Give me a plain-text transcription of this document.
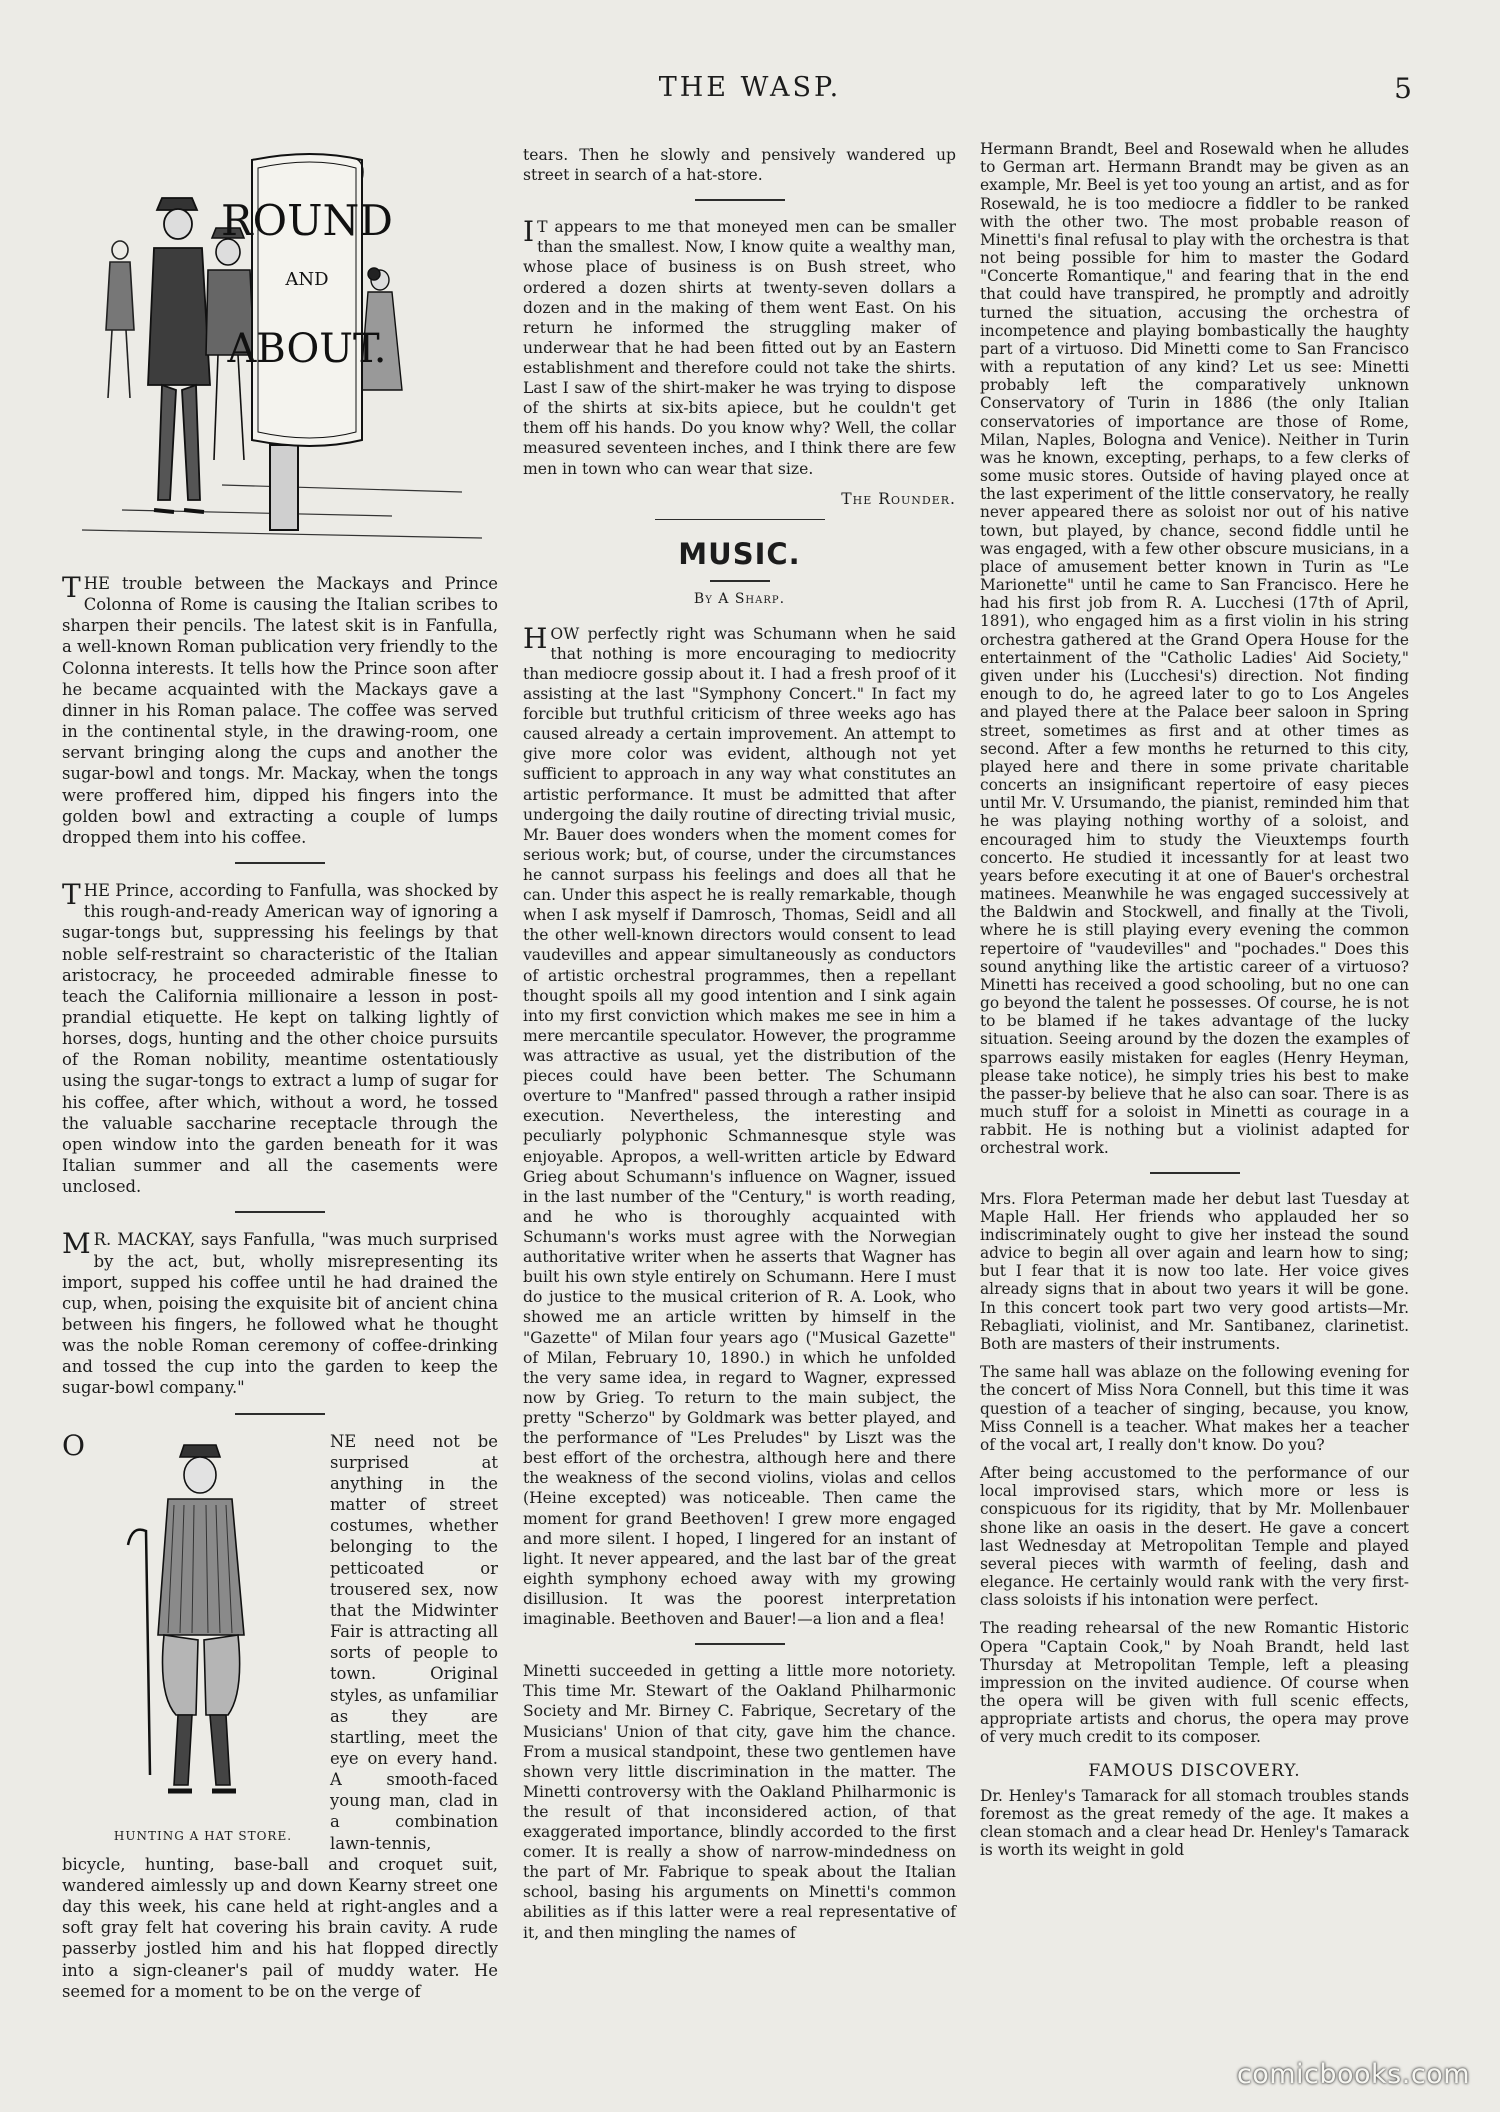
THE WASP.	5
ROUND
AND
ABOUT.

THE trouble between the Mackays and Prince Colonna of Rome is causing the Italian scribes to sharpen their pencils. The latest skit is in Fanfulla, a well-known Roman publication very friendly to the Colonna interests. It tells how the Prince soon after he became acquainted with the Mackays gave a dinner in his Roman palace. The coffee was served in the continental style, in the drawing-room, one servant bringing along the cups and another the sugar-bowl and tongs. Mr. Mackay, when the tongs were proffered him, dipped his fingers into the golden bowl and extracting a couple of lumps dropped them into his coffee.

THE Prince, according to Fanfulla, was shocked by this rough-and-ready American way of ignoring a sugar-tongs but, suppressing his feelings by that noble self-restraint so characteristic of the Italian aristocracy, he proceeded admirable finesse to teach the California millionaire a lesson in post-prandial etiquette. He kept on talking lightly of horses, dogs, hunting and the other choice pursuits of the Roman nobility, meantime ostentatiously using the sugar-tongs to extract a lump of sugar for his coffee, after which, without a word, he tossed the valuable saccharine receptacle through the open window into the garden beneath for it was Italian summer and all the casements were unclosed.

M R. MACKAY, says Fanfulla, "was much surprised by the act, but, wholly misrepresenting its import, supped his coffee until he had drained the cup, when, poising the exquisite bit of ancient china between his fingers, he followed what he thought was the noble Roman ceremony of coffee-drinking and tossed the cup into the garden to keep the sugar-bowl company."

O
HUNTING A HAT STORE.
NE need not be surprised at anything in the matter of street costumes, whether belonging to the petticoated or trousered sex, now that the Midwinter Fair is attracting all sorts of people to town. Original styles, as unfamiliar as they are startling, meet the eye on every hand. A smooth-faced young man, clad in a combination lawn-tennis, bicycle, hunting, base-ball and croquet suit, wandered aimlessly up and down Kearny street one day this week, his cane held at right-angles and a soft gray felt hat covering his brain cavity. A rude passerby jostled him and his hat flopped directly into a sign-cleaner's pail of muddy water. He seemed for a moment to be on the verge of

tears. Then he slowly and pensively wandered up street in search of a hat-store.

I T appears to me that moneyed men can be smaller than the smallest. Now, I know quite a wealthy man, whose place of business is on Bush street, who ordered a dozen shirts at twenty-seven dollars a dozen and in the making of them went East. On his return he informed the struggling maker of underwear that he had been fitted out by an Eastern establishment and therefore could not take the shirts. Last I saw of the shirt-maker he was trying to dispose of the shirts at six-bits apiece, but he couldn't get them off his hands. Do you know why? Well, the collar measured seventeen inches, and I think there are few men in town who can wear that size.

The Rounder.
MUSIC.
By A Sharp.

HOW perfectly right was Schumann when he said that nothing is more encouraging to mediocrity than mediocre gossip about it. I had a fresh proof of it assisting at the last "Symphony Concert." In fact my forcible but truthful criticism of three weeks ago has caused already a certain improvement. An attempt to give more color was evident, although not yet sufficient to approach in any way what constitutes an artistic performance. It must be admitted that after undergoing the daily routine of directing trivial music, Mr. Bauer does wonders when the moment comes for serious work; but, of course, under the circumstances he cannot surpass his feelings and does all that he can. Under this aspect he is really remarkable, though when I ask myself if Damrosch, Thomas, Seidl and all the other well-known directors would consent to lead vaudevilles and appear simultaneously as conductors of artistic orchestral programmes, then a repellant thought spoils all my good intention and I sink again into my first conviction which makes me see in him a mere mercantile speculator. However, the programme was attractive as usual, yet the distribution of the pieces could have been better. The Schumann overture to "Manfred" passed through a rather insipid execution. Nevertheless, the interesting and peculiarly polyphonic Schmannesque style was enjoyable. Apropos, a well-written article by Edward Grieg about Schumann's influence on Wagner, issued in the last number of the "Century," is worth reading, and he who is thoroughly acquainted with Schumann's works must agree with the Norwegian authoritative writer when he asserts that Wagner has built his own style entirely on Schumann. Here I must do justice to the musical criterion of R. A. Look, who showed me an article written by himself in the "Gazette" of Milan four years ago ("Musical Gazette" of Milan, February 10, 1890.) in which he unfolded the very same idea, in regard to Wagner, expressed now by Grieg. To return to the main subject, the pretty "Scherzo" by Goldmark was better played, and the performance of "Les Preludes" by Liszt was the best effort of the orchestra, although here and there the weakness of the second violins, violas and cellos (Heine excepted) was noticeable. Then came the moment for grand Beethoven! I grew more engaged and more silent. I hoped, I lingered for an instant of light. It never appeared, and the last bar of the great eighth symphony echoed away with my growing disillusion. It was the poorest interpretation imaginable. Beethoven and Bauer!—a lion and a flea!

Minetti succeeded in getting a little more notoriety. This time Mr. Stewart of the Oakland Philharmonic Society and Mr. Birney C. Fabrique, Secretary of the Musicians' Union of that city, gave him the chance. From a musical standpoint, these two gentlemen have shown very little discrimination in the matter. The Minetti controversy with the Oakland Philharmonic is the result of that inconsidered action, of that exaggerated importance, blindly accorded to the first comer. It is really a show of narrow-mindedness on the part of Mr. Fabrique to speak about the Italian school, basing his arguments on Minetti's common abilities as if this latter were a real representative of it, and then mingling the names of

Hermann Brandt, Beel and Rosewald when he alludes to German art. Hermann Brandt may be given as an example, Mr. Beel is yet too young an artist, and as for Rosewald, he is too mediocre a fiddler to be ranked with the other two. The most probable reason of Minetti's final refusal to play with the orchestra is that not being possible for him to master the Godard "Concerte Romantique," and fearing that in the end that could have transpired, he promptly and adroitly turned the situation, accusing the orchestra of incompetence and playing bombastically the haughty part of a virtuoso. Did Minetti come to San Francisco with a reputation of any kind? Let us see: Minetti probably left the comparatively unknown Conservatory of Turin in 1886 (the only Italian conservatories of importance are those of Rome, Milan, Naples, Bologna and Venice). Neither in Turin was he known, excepting, perhaps, to a few clerks of some music stores. Outside of having played once at the last experiment of the little conservatory, he really never appeared there as soloist nor out of his native town, but played, by chance, second fiddle until he was engaged, with a few other obscure musicians, in a place of amusement better known in Turin as "Le Marionette" until he came to San Francisco. Here he had his first job from R. A. Lucchesi (17th of April, 1891), who engaged him as a first violin in his string orchestra gathered at the Grand Opera House for the entertainment of the "Catholic Ladies' Aid Society," given under his (Lucchesi's) direction. Not finding enough to do, he agreed later to go to Los Angeles and played there at the Palace beer saloon in Spring street, sometimes as first and at other times as second. After a few months he returned to this city, played here and there in some private charitable concerts an insignificant repertoire of easy pieces until Mr. V. Ursumando, the pianist, reminded him that he was playing nothing worthy of a soloist, and encouraged him to study the Vieuxtemps fourth concerto. He studied it incessantly for at least two years before executing it at one of Bauer's orchestral matinees. Meanwhile he was engaged successively at the Baldwin and Stockwell, and finally at the Tivoli, where he is still playing every evening the common repertoire of "vaudevilles" and "pochades." Does this sound anything like the artistic career of a virtuoso? Minetti has received a good schooling, but no one can go beyond the talent he possesses. Of course, he is not to be blamed if he takes advantage of the lucky situation. Seeing around by the dozen the examples of sparrows easily mistaken for eagles (Henry Heyman, please take notice), he simply tries his best to make the passer-by believe that he also can soar. There is as much stuff for a soloist in Minetti as courage in a rabbit. He is nothing but a violinist adapted for orchestral work.

Mrs. Flora Peterman made her debut last Tuesday at Maple Hall. Her friends who applauded her so indiscriminately ought to give her instead the sound advice to begin all over again and learn how to sing; but I fear that it is now too late. Her voice gives already signs that in about two years it will be gone. In this concert took part two very good artists—Mr. Rebagliati, violinist, and Mr. Santibanez, clarinetist. Both are masters of their instruments.

The same hall was ablaze on the following evening for the concert of Miss Nora Connell, but this time it was question of a teacher of singing, because, you know, Miss Connell is a teacher. What makes her a teacher of the vocal art, I really don't know. Do you?

After being accustomed to the performance of our local improvised stars, which more or less is conspicuous for its rigidity, that by Mr. Mollenbauer shone like an oasis in the desert. He gave a concert last Wednesday at Metropolitan Temple and played several pieces with warmth of feeling, dash and elegance. He certainly would rank with the very first-class soloists if his intonation were perfect.

The reading rehearsal of the new Romantic Historic Opera "Captain Cook," by Noah Brandt, held last Thursday at Metropolitan Temple, left a pleasing impression on the invited audience. Of course when the opera will be given with full scenic effects, appropriate artists and chorus, the opera may prove of very much credit to its composer.

FAMOUS DISCOVERY.

Dr. Henley's Tamarack for all stomach troubles stands foremost as the great remedy of the age. It makes a clean stomach and a clear head Dr. Henley's Tamarack is worth its weight in gold

comicbooks.com
